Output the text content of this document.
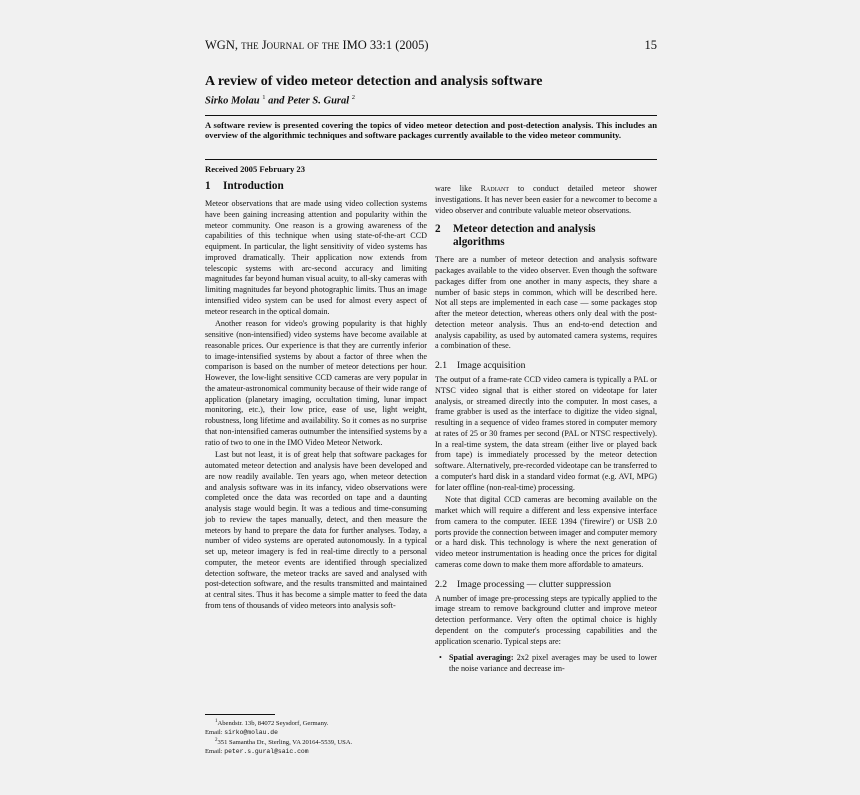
WGN, the Journal of the IMO 33:1 (2005)	15
A review of video meteor detection and analysis software
Sirko Molau $^1$ and Peter S. Gural $^2$

A software review is presented covering the topics of video meteor detection and post-detection analysis. This includes an overview of the algorithmic techniques and software packages currently available to the video meteor community.

Received 2005 February 23
1 Introduction

Meteor observations that are made using video collection systems have been gaining increasing attention and popularity within the meteor community. One reason is a growing awareness of the capabilities of this technique when using state-of-the-art CCD equipment. In particular, the light sensitivity of video systems has improved dramatically. Their application now extends from telescopic systems with arc-second accuracy and limiting magnitudes far beyond human visual acuity, to all-sky cameras with limiting magnitudes far beyond photographic limits. Thus an image intensified video system can be used for almost every aspect of meteor research in the optical domain.

Another reason for video's growing popularity is that highly sensitive (non-intensified) video systems have become available at reasonable prices. Our experience is that they are currently inferior to image-intensified systems by about a factor of three when the comparison is based on the number of meteor detections per hour. However, the low-light sensitive CCD cameras are very popular in the amateur-astronomical community because of their wide range of application (planetary imaging, occultation timing, lunar impact monitoring, etc.), their low price, ease of use, light weight, robustness, long lifetime and availability. So it comes as no surprise that non-intensified cameras outnumber the intensified systems by a ratio of two to one in the IMO Video Meteor Network.

Last but not least, it is of great help that software packages for automated meteor detection and analysis have been developed and are now readily available. Ten years ago, when meteor detection and analysis software was in its infancy, video observations were completed once the data was recorded on tape and a daunting analysis stage would begin. It was a tedious and time-consuming job to review the tapes manually, detect, and then measure the meteors by hand to prepare the data for further analyses. Today, a number of video systems are operated autonomously. In a typical set up, meteor imagery is fed in real-time directly to a personal computer, the meteor events are identified through specialized detection software, the meteor tracks are saved and analysed with post-detection software, and the results transmitted and maintained at central sites. Thus it has become a simple matter to feed the data from tens of thousands of video meteors into analysis soft-

$^1$Abendstr. 13b, 84072 Seysdorf, Germany.
Email: sirko@molau.de
$^2$351 Samantha Dr., Sterling, VA 20164-5539, USA.
Email: peter.s.gural@saic.com

ware like Radiant to conduct detailed meteor shower investigations. It has never been easier for a newcomer to become a video observer and contribute valuable meteor observations.

2 Meteor detection and analysis
algorithms

There are a number of meteor detection and analysis software packages available to the video observer. Even though the software packages differ from one another in many aspects, they share a number of basic steps in common, which will be described here. Not all steps are implemented in each case — some packages stop after the meteor detection, whereas others only deal with the post-detection meteor analysis. Thus an end-to-end detection and analysis capability, as used by automated camera systems, requires a combination of these.

2.1 Image acquisition

The output of a frame-rate CCD video camera is typically a PAL or NTSC video signal that is either stored on videotape for later analysis, or streamed directly into the computer. In most cases, a frame grabber is used as the interface to digitize the video signal, resulting in a sequence of video frames stored in computer memory at rates of 25 or 30 frames per second (PAL or NTSC respectively). In a real-time system, the data stream (either live or played back from tape) is immediately processed by the meteor detection software. Alternatively, pre-recorded videotape can be transferred to a computer's hard disk in a standard video format (e.g. AVI, MPG) for later offline (non-real-time) processing.

Note that digital CCD cameras are becoming available on the market which will require a different and less expensive interface from camera to the computer. IEEE 1394 ('firewire') or USB 2.0 ports provide the connection between imager and computer memory or a hard disk. This technology is where the next generation of video meteor instrumentation is heading once the prices for digital cameras come down to make them more affordable to amateurs.

2.2 Image processing — clutter suppression

A number of image pre-processing steps are typically applied to the image stream to remove background clutter and improve meteor detection performance. Very often the optimal choice is highly dependent on the computer's processing capabilities and the application scenario. Typical steps are:

• Spatial averaging: 2x2 pixel averages may be used to lower the noise variance and decrease im-
